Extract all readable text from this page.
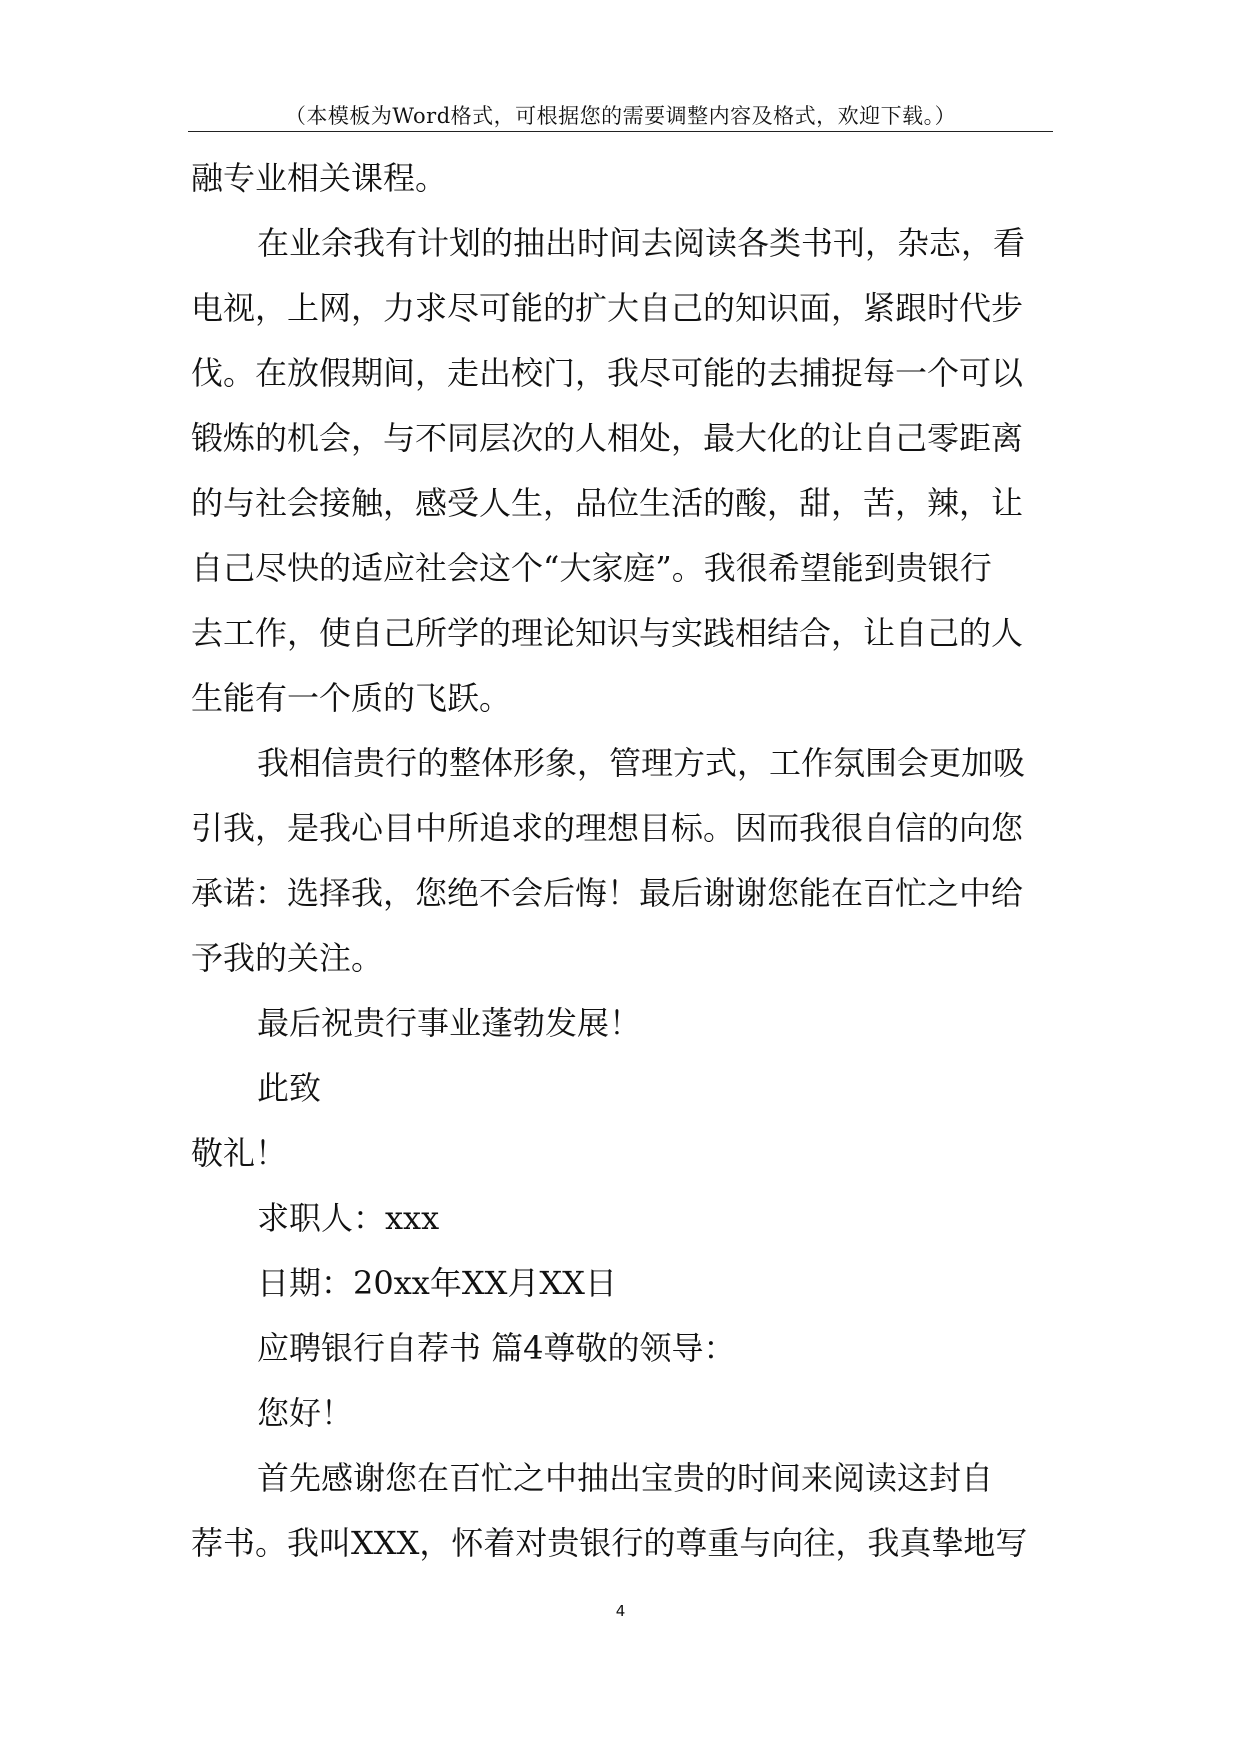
（本模板为Word格式，可根据您的需要调整内容及格式，欢迎下载。）

融专业相关课程。

在业余我有计划的抽出时间去阅读各类书刊，杂志，看
电视，上网，力求尽可能的扩大自己的知识面，紧跟时代步
伐。在放假期间，走出校门，我尽可能的去捕捉每一个可以
锻炼的机会，与不同层次的人相处，最大化的让自己零距离
的与社会接触，感受人生，品位生活的酸，甜，苦，辣，让
自己尽快的适应社会这个“大家庭”。我很希望能到贵银行
去工作，使自己所学的理论知识与实践相结合，让自己的人
生能有一个质的飞跃。

我相信贵行的整体形象，管理方式，工作氛围会更加吸
引我，是我心目中所追求的理想目标。因而我很自信的向您
承诺：选择我，您绝不会后悔！最后谢谢您能在百忙之中给
予我的关注。

最后祝贵行事业蓬勃发展！

此致

敬礼！

求职人：xxx

日期：20xx年XX月XX日

应聘银行自荐书 篇4尊敬的领导：

您好！

首先感谢您在百忙之中抽出宝贵的时间来阅读这封自
荐书。我叫XXX，怀着对贵银行的尊重与向往，我真挚地写

4
